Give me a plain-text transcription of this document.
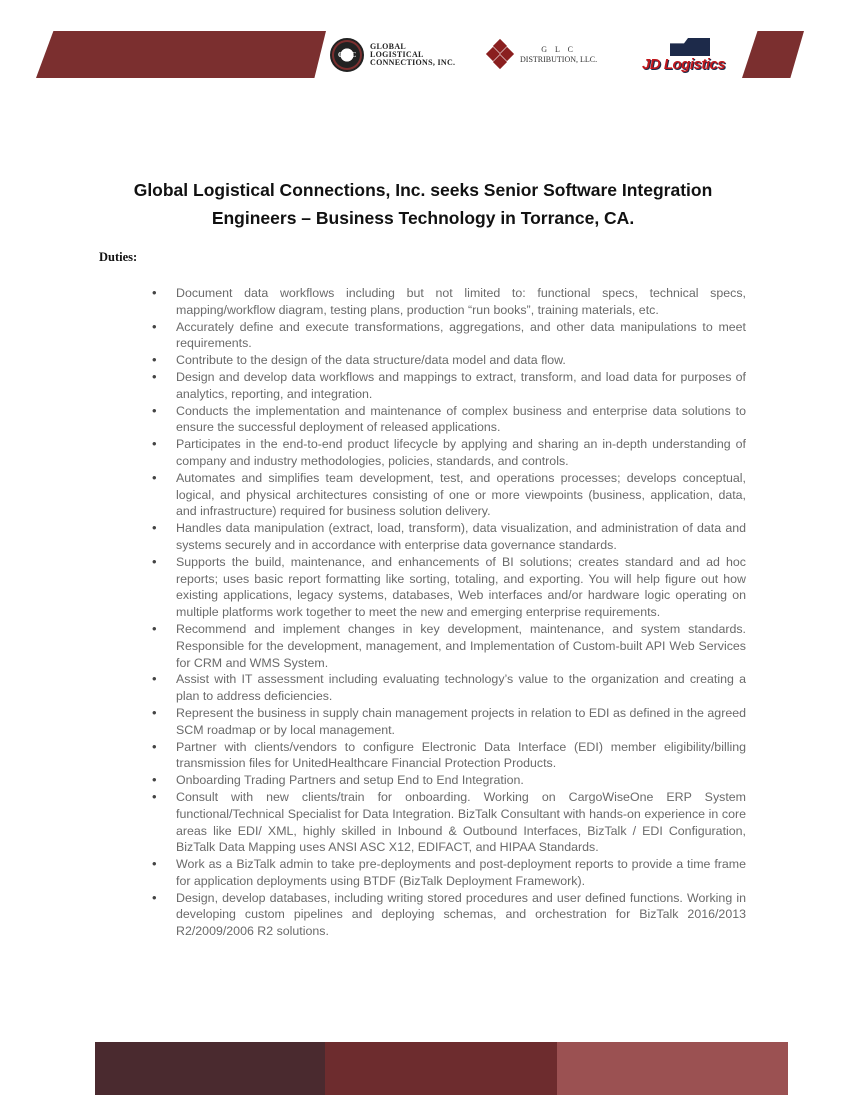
G L C
GLOBAL
LOGISTICAL
CONNECTIONS, INC.
G L C
DISTRIBUTION, LLC.	JD Logistics
Global Logistical Connections, Inc. seeks Senior Software Integration
Engineers – Business Technology in Torrance, CA.
Duties:
• Document data workflows including but not limited to: functional specs, technical specs, mapping/workflow diagram, testing plans, production “run books”, training materials, etc.
• Accurately define and execute transformations, aggregations, and other data manipulations to meet requirements.
• Contribute to the design of the data structure/data model and data flow.
• Design and develop data workflows and mappings to extract, transform, and load data for purposes of analytics, reporting, and integration.
• Conducts the implementation and maintenance of complex business and enterprise data solutions to ensure the successful deployment of released applications.
• Participates in the end-to-end product lifecycle by applying and sharing an in-depth understanding of company and industry methodologies, policies, standards, and controls.
• Automates and simplifies team development, test, and operations processes; develops conceptual, logical, and physical architectures consisting of one or more viewpoints (business, application, data, and infrastructure) required for business solution delivery.
• Handles data manipulation (extract, load, transform), data visualization, and administration of data and systems securely and in accordance with enterprise data governance standards.
• Supports the build, maintenance, and enhancements of BI solutions; creates standard and ad hoc reports; uses basic report formatting like sorting, totaling, and exporting. You will help figure out how existing applications, legacy systems, databases, Web interfaces and/or hardware logic operating on multiple platforms work together to meet the new and emerging enterprise requirements.
• Recommend and implement changes in key development, maintenance, and system standards. Responsible for the development, management, and Implementation of Custom-built API Web Services for CRM and WMS System.
• Assist with IT assessment including evaluating technology’s value to the organization and creating a plan to address deficiencies.
• Represent the business in supply chain management projects in relation to EDI as defined in the agreed SCM roadmap or by local management.
• Partner with clients/vendors to configure Electronic Data Interface (EDI) member eligibility/billing transmission files for UnitedHealthcare Financial Protection Products.
• Onboarding Trading Partners and setup End to End Integration.
• Consult with new clients/train for onboarding. Working on CargoWiseOne ERP System functional/Technical Specialist for Data Integration. BizTalk Consultant with hands-on experience in core areas like EDI/ XML, highly skilled in Inbound & Outbound Interfaces, BizTalk / EDI Configuration, BizTalk Data Mapping uses ANSI ASC X12, EDIFACT, and HIPAA Standards.
• Work as a BizTalk admin to take pre-deployments and post-deployment reports to provide a time frame for application deployments using BTDF (BizTalk Deployment Framework).
• Design, develop databases, including writing stored procedures and user defined functions. Working in developing custom pipelines and deploying schemas, and orchestration for BizTalk 2016/2013 R2/2009/2006 R2 solutions.
